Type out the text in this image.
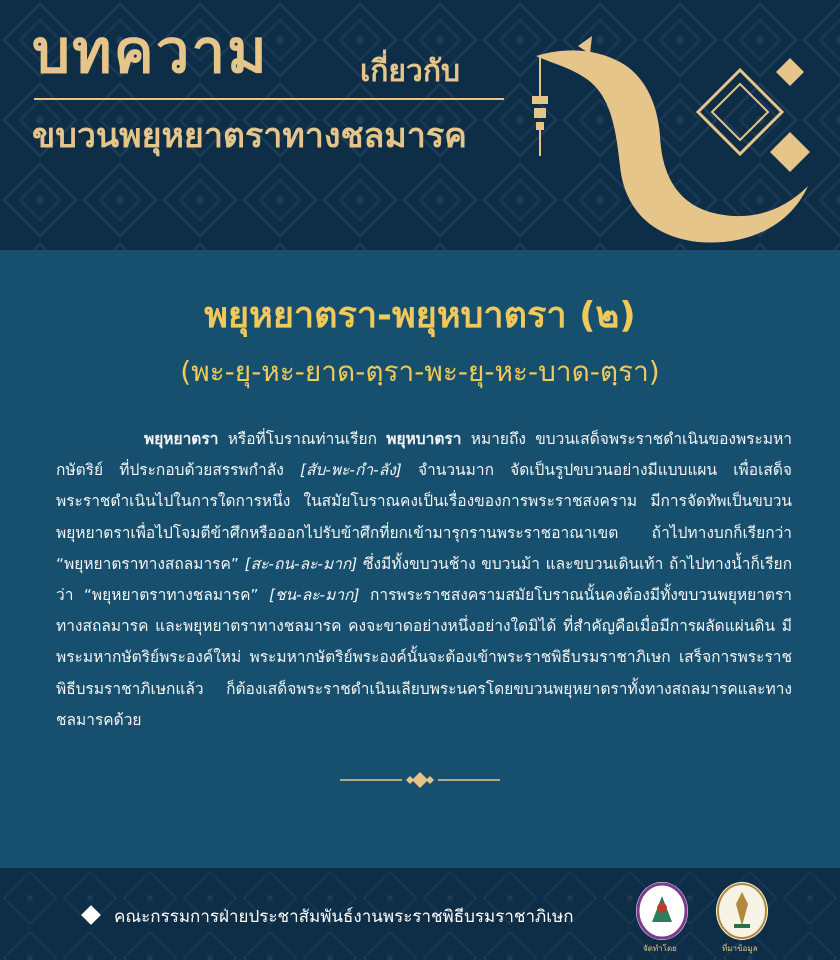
บทความ	เกี่ยวกับ
ขบวนพยุหยาตราทางชลมารค
พยุหยาตรา-พยุหบาตรา (๒)
(พะ-ยุ-หะ-ยาด-ตฺรา-พะ-ยุ-หะ-บาด-ตฺรา)
พยุหยาตรา หรือที่โบราณท่านเรียก พยุหบาตรา หมายถึง ขบวนเสด็จพระราชดำเนินของพระมหากษัตริย์ ที่ประกอบด้วยสรรพกำลัง [สับ-พะ-กำ-ลัง] จำนวนมาก จัดเป็นรูปขบวนอย่างมีแบบแผน เพื่อเสด็จพระราชดำเนินไปในการใดการหนึ่ง ในสมัยโบราณคงเป็นเรื่องของการพระราชสงคราม มีการจัดทัพเป็นขบวนพยุหยาตราเพื่อไปโจมตีข้าศึกหรือออกไปรับข้าศึกที่ยกเข้ามารุกรานพระราชอาณาเขต ถ้าไปทางบกก็เรียกว่า “พยุหยาตราทางสถลมารค” [สะ-ถน-ละ-มาก] ซึ่งมีทั้งขบวนช้าง ขบวนม้า และขบวนเดินเท้า ถ้าไปทางน้ำก็เรียกว่า “พยุหยาตราทางชลมารค” [ชน-ละ-มาก] การพระราชสงครามสมัยโบราณนั้นคงต้องมีทั้งขบวนพยุหยาตราทางสถลมารค และพยุหยาตราทางชลมารค คงจะขาดอย่างหนึ่งอย่างใดมิได้ ที่สำคัญคือเมื่อมีการผลัดแผ่นดิน มีพระมหากษัตริย์พระองค์ใหม่ พระมหากษัตริย์พระองค์นั้นจะต้องเข้าพระราชพิธีบรมราชาภิเษก เสร็จการพระราชพิธีบรมราชาภิเษกแล้ว ก็ต้องเสด็จพระราชดำเนินเลียบพระนครโดยขบวนพยุหยาตราทั้งทางสถลมารคและทางชลมารคด้วย
คณะกรรมการฝ่ายประชาสัมพันธ์งานพระราชพิธีบรมราชาภิเษก
จัดทำโดย	ที่มาข้อมูล
